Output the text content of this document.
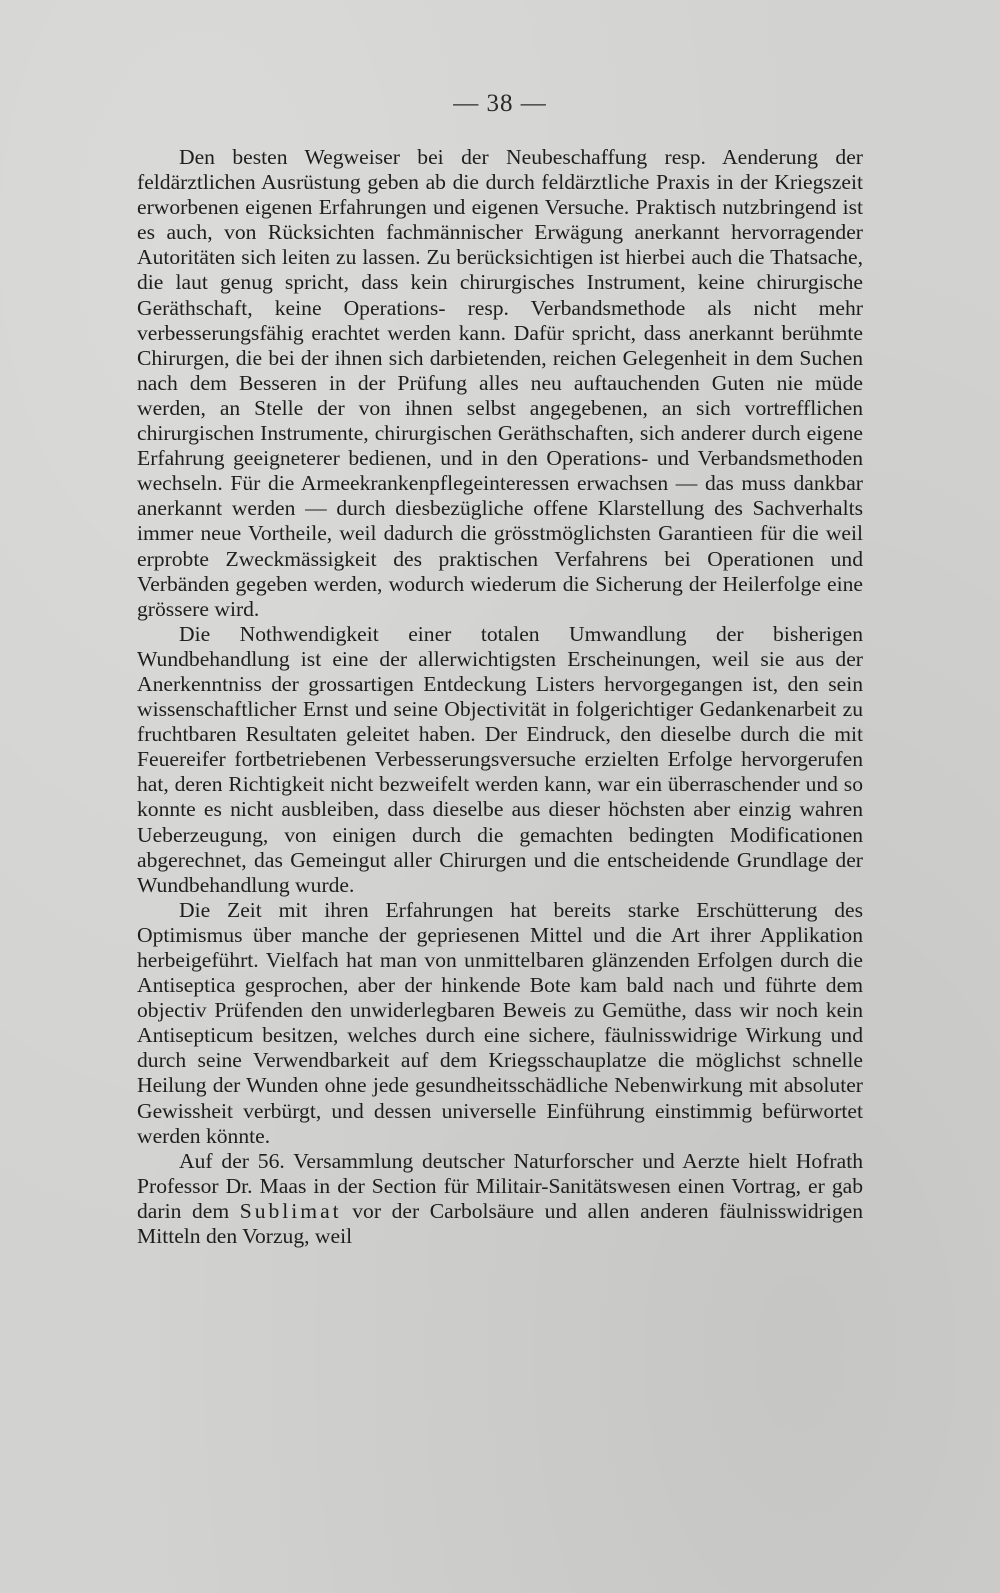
— 38 —

Den besten Wegweiser bei der Neubeschaffung resp. Aenderung der feldärztlichen Ausrüstung geben ab die durch feldärztliche Praxis in der Kriegszeit erworbenen eigenen Erfahrungen und eigenen Versuche. Praktisch nutzbringend ist es auch, von Rücksichten fachmännischer Erwägung anerkannt hervorragender Autoritäten sich leiten zu lassen. Zu berücksichtigen ist hierbei auch die Thatsache, die laut genug spricht, dass kein chirurgisches Instrument, keine chirurgische Geräthschaft, keine Operations- resp. Verbandsmethode als nicht mehr verbesserungsfähig erachtet werden kann. Dafür spricht, dass anerkannt berühmte Chirurgen, die bei der ihnen sich darbietenden, reichen Gelegenheit in dem Suchen nach dem Besseren in der Prüfung alles neu auftauchenden Guten nie müde werden, an Stelle der von ihnen selbst angegebenen, an sich vortrefflichen chirurgischen Instrumente, chirurgischen Geräthschaften, sich anderer durch eigene Erfahrung geeigneterer bedienen, und in den Operations- und Verbandsmethoden wechseln. Für die Armeekrankenpflegeinteressen erwachsen — das muss dankbar anerkannt werden — durch diesbezügliche offene Klarstellung des Sachverhalts immer neue Vortheile, weil dadurch die grösstmöglichsten Garantieen für die weil erprobte Zweckmässigkeit des praktischen Verfahrens bei Operationen und Verbänden gegeben werden, wodurch wiederum die Sicherung der Heilerfolge eine grössere wird.

Die Nothwendigkeit einer totalen Umwandlung der bisherigen Wundbehandlung ist eine der allerwichtigsten Erscheinungen, weil sie aus der Anerkenntniss der grossartigen Entdeckung Listers hervorgegangen ist, den sein wissenschaftlicher Ernst und seine Objectivität in folgerichtiger Gedankenarbeit zu fruchtbaren Resultaten geleitet haben. Der Eindruck, den dieselbe durch die mit Feuereifer fortbetriebenen Verbesserungsversuche erzielten Erfolge hervorgerufen hat, deren Richtigkeit nicht bezweifelt werden kann, war ein überraschender und so konnte es nicht ausbleiben, dass dieselbe aus dieser höchsten aber einzig wahren Ueberzeugung, von einigen durch die gemachten bedingten Modificationen abgerechnet, das Gemeingut aller Chirurgen und die entscheidende Grundlage der Wundbehandlung wurde.

Die Zeit mit ihren Erfahrungen hat bereits starke Erschütterung des Optimismus über manche der gepriesenen Mittel und die Art ihrer Applikation herbeigeführt. Vielfach hat man von unmittelbaren glänzenden Erfolgen durch die Antiseptica gesprochen, aber der hinkende Bote kam bald nach und führte dem objectiv Prüfenden den unwiderlegbaren Beweis zu Gemüthe, dass wir noch kein Antisepticum besitzen, welches durch eine sichere, fäulnisswidrige Wirkung und durch seine Verwendbarkeit auf dem Kriegsschauplatze die möglichst schnelle Heilung der Wunden ohne jede gesundheitsschädliche Nebenwirkung mit absoluter Gewissheit verbürgt, und dessen universelle Einführung einstimmig befürwortet werden könnte.

Auf der 56. Versammlung deutscher Naturforscher und Aerzte hielt Hofrath Professor Dr. Maas in der Section für Militair-Sanitätswesen einen Vortrag, er gab darin dem Sublimat vor der Carbolsäure und allen anderen fäulnisswidrigen Mitteln den Vorzug, weil
